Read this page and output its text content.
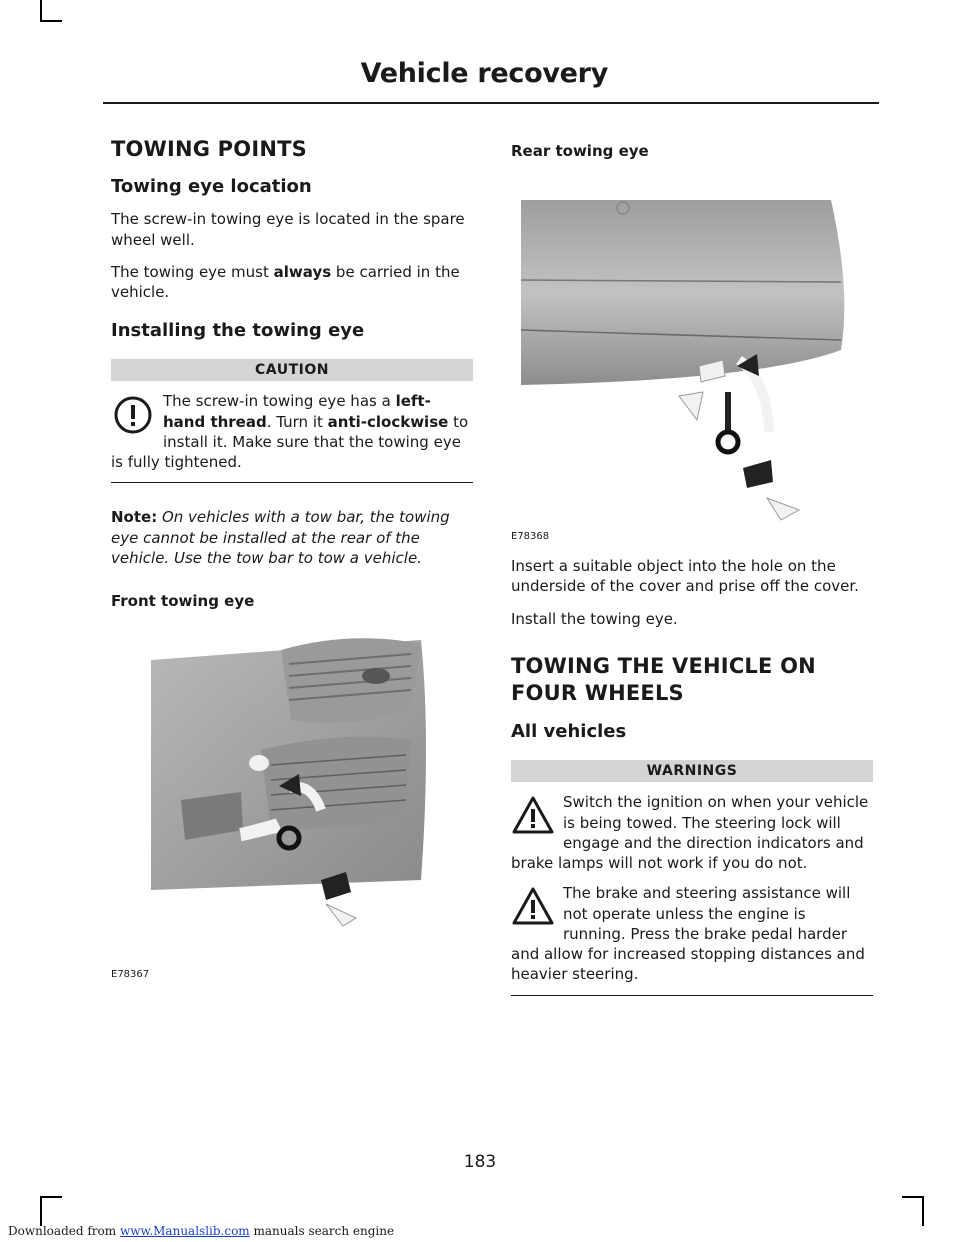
Vehicle recovery
TOWING POINTS
Towing eye location

The screw-in towing eye is located in the spare wheel well.

The towing eye must always be carried in the vehicle.

Installing the towing eye
CAUTION
The screw-in towing eye has a left-hand thread. Turn it anti-clockwise to install it. Make sure that the towing eye is fully tightened.

Note: On vehicles with a tow bar, the towing eye cannot be installed at the rear of the vehicle. Use the tow bar to tow a vehicle.

Front towing eye
E78367
Rear towing eye
E78368

Insert a suitable object into the hole on the underside of the cover and prise off the cover.

Install the towing eye.

TOWING THE VEHICLE ON FOUR WHEELS
All vehicles
WARNINGS
Switch the ignition on when your vehicle is being towed. The steering lock will engage and the direction indicators and brake lamps will not work if you do not.
The brake and steering assistance will not operate unless the engine is running. Press the brake pedal harder and allow for increased stopping distances and heavier steering.
183
Downloaded from www.Manualslib.com manuals search engine
